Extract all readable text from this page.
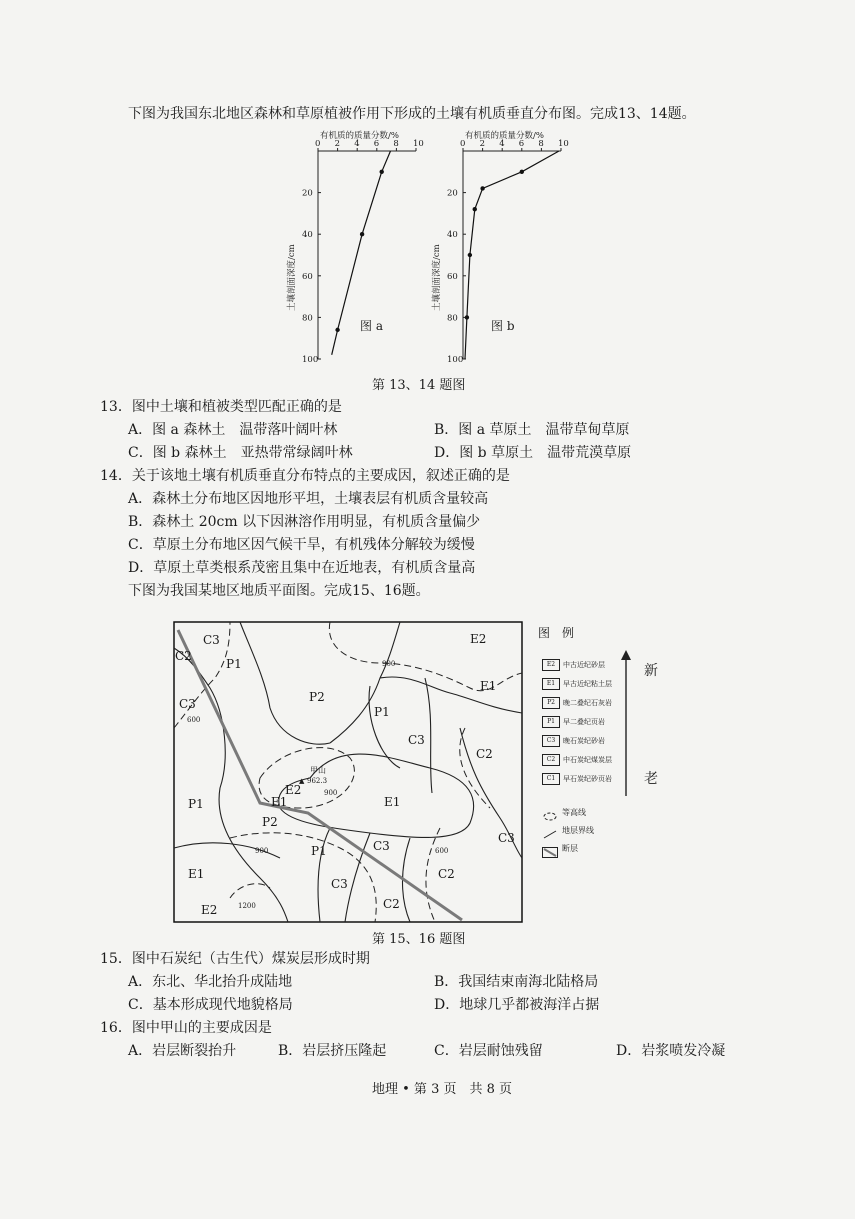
下图为我国东北地区森林和草原植被作用下形成的土壤有机质垂直分布图。完成13、14题。
有机质的质量分数/%
0 2 4 6 8 10
20
40
60
80
100
土壤剖面深度/cm
图 a
有机质的质量分数/%
0 2 4 6 8 10
20
40
60
80
100
土壤剖面深度/cm
图 b
第 13、14 题图
13．图中土壤和植被类型匹配正确的是
A．图 a 森林土　温带落叶阔叶林	B．图 a 草原土　温带草甸草原
C．图 b 森林土　亚热带常绿阔叶林	D．图 b 草原土　温带荒漠草原
14．关于该地土壤有机质垂直分布特点的主要成因，叙述正确的是
A．森林土分布地区因地形平坦，土壤表层有机质含量较高
B．森林土 20cm 以下因淋溶作用明显，有机质含量偏少
C．草原土分布地区因气候干旱，有机残体分解较为缓慢
D．草原土草类根系茂密且集中在近地表，有机质含量高
下图为我国某地区地质平面图。完成15、16题。
甲山
▲ 962.3
900
600
900
900	600
1200
C3
C2
P1
C3	P2
P1
C3
E2
E1
C2
E1
E2
E1
P1
P2
P1	C3
C3
C2
C2
C3
E1
E2
图　例
E2 中古近纪砂层
E1 早古近纪粘土层
P2 晚二叠纪石灰岩
P1 早二叠纪页岩
C3 晚石炭纪砂岩
C2 中石炭纪煤炭层
C1 早石炭纪砂页岩
等高线
地层界线
断层
新
老
第 15、16 题图
15．图中石炭纪（古生代）煤炭层形成时期
A．东北、华北抬升成陆地	B．我国结束南海北陆格局
C．基本形成现代地貌格局	D．地球几乎都被海洋占据
16．图中甲山的主要成因是
A．岩层断裂抬升	B．岩层挤压隆起	C．岩层耐蚀残留	D．岩浆喷发冷凝
地理 • 第 3 页　共 8 页
